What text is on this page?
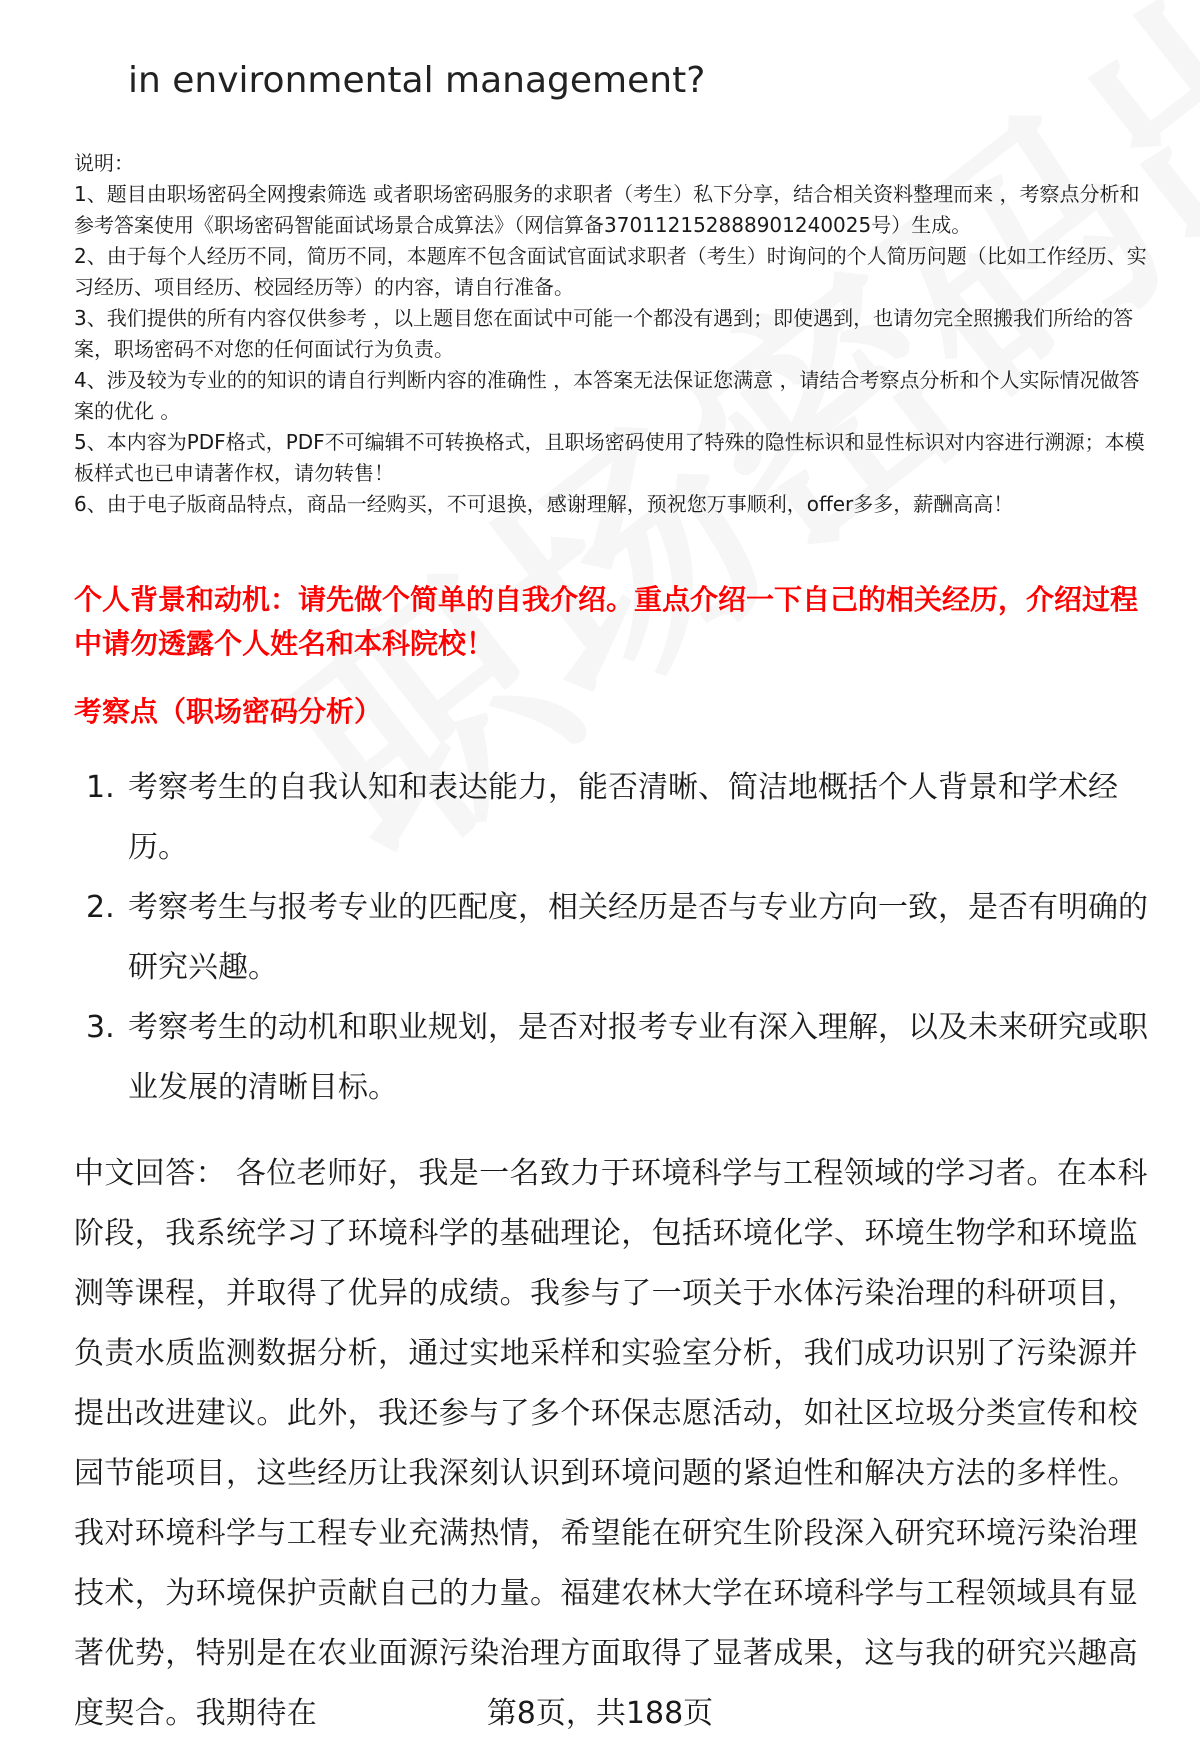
in environmental management?

说明：

1、题目由职场密码全网搜索筛选 或者职场密码服务的求职者（考生）私下分享，结合相关资料整理而来 ，考察点分析和参考答案使用《职场密码智能面试场景合成算法》（网信算备370112152888901240025号）生成。

2、由于每个人经历不同，简历不同，本题库不包含面试官面试求职者（考生）时询问的个人简历问题（比如工作经历、实习经历、项目经历、校园经历等）的内容，请自行准备。

3、我们提供的所有内容仅供参考 ，以上题目您在面试中可能一个都没有遇到；即使遇到，也请勿完全照搬我们所给的答案，职场密码不对您的任何面试行为负责。

4、涉及较为专业的的知识的请自行判断内容的准确性 ，本答案无法保证您满意 ，请结合考察点分析和个人实际情况做答案的优化 。

5、本内容为PDF格式，PDF不可编辑不可转换格式，且职场密码使用了特殊的隐性标识和显性标识对内容进行溯源；本模板样式也已申请著作权，请勿转售！

6、由于电子版商品特点，商品一经购买，不可退换，感谢理解，预祝您万事顺利，offer多多，薪酬高高！

个人背景和动机：请先做个简单的自我介绍。重点介绍一下自己的相关经历，介绍过程中请勿透露个人姓名和本科院校！
考察点（职场密码分析）
1. 考察考生的自我认知和表达能力，能否清晰、简洁地概括个人背景和学术经历。
2. 考察考生与报考专业的匹配度，相关经历是否与专业方向一致，是否有明确的研究兴趣。
3. 考察考生的动机和职业规划，是否对报考专业有深入理解，以及未来研究或职业发展的清晰目标。
中文回答： 各位老师好，我是一名致力于环境科学与工程领域的学习者。在本科阶段，我系统学习了环境科学的基础理论，包括环境化学、环境生物学和环境监测等课程，并取得了优异的成绩。我参与了一项关于水体污染治理的科研项目，负责水质监测数据分析，通过实地采样和实验室分析，我们成功识别了污染源并提出改进建议。此外，我还参与了多个环保志愿活动，如社区垃圾分类宣传和校园节能项目，这些经历让我深刻认识到环境问题的紧迫性和解决方法的多样性。我对环境科学与工程专业充满热情，希望能在研究生阶段深入研究环境污染治理技术，为环境保护贡献自己的力量。福建农林大学在环境科学与工程领域具有显著优势，特别是在农业面源污染治理方面取得了显著成果，这与我的研究兴趣高度契合。我期待在	第8页，共188页
